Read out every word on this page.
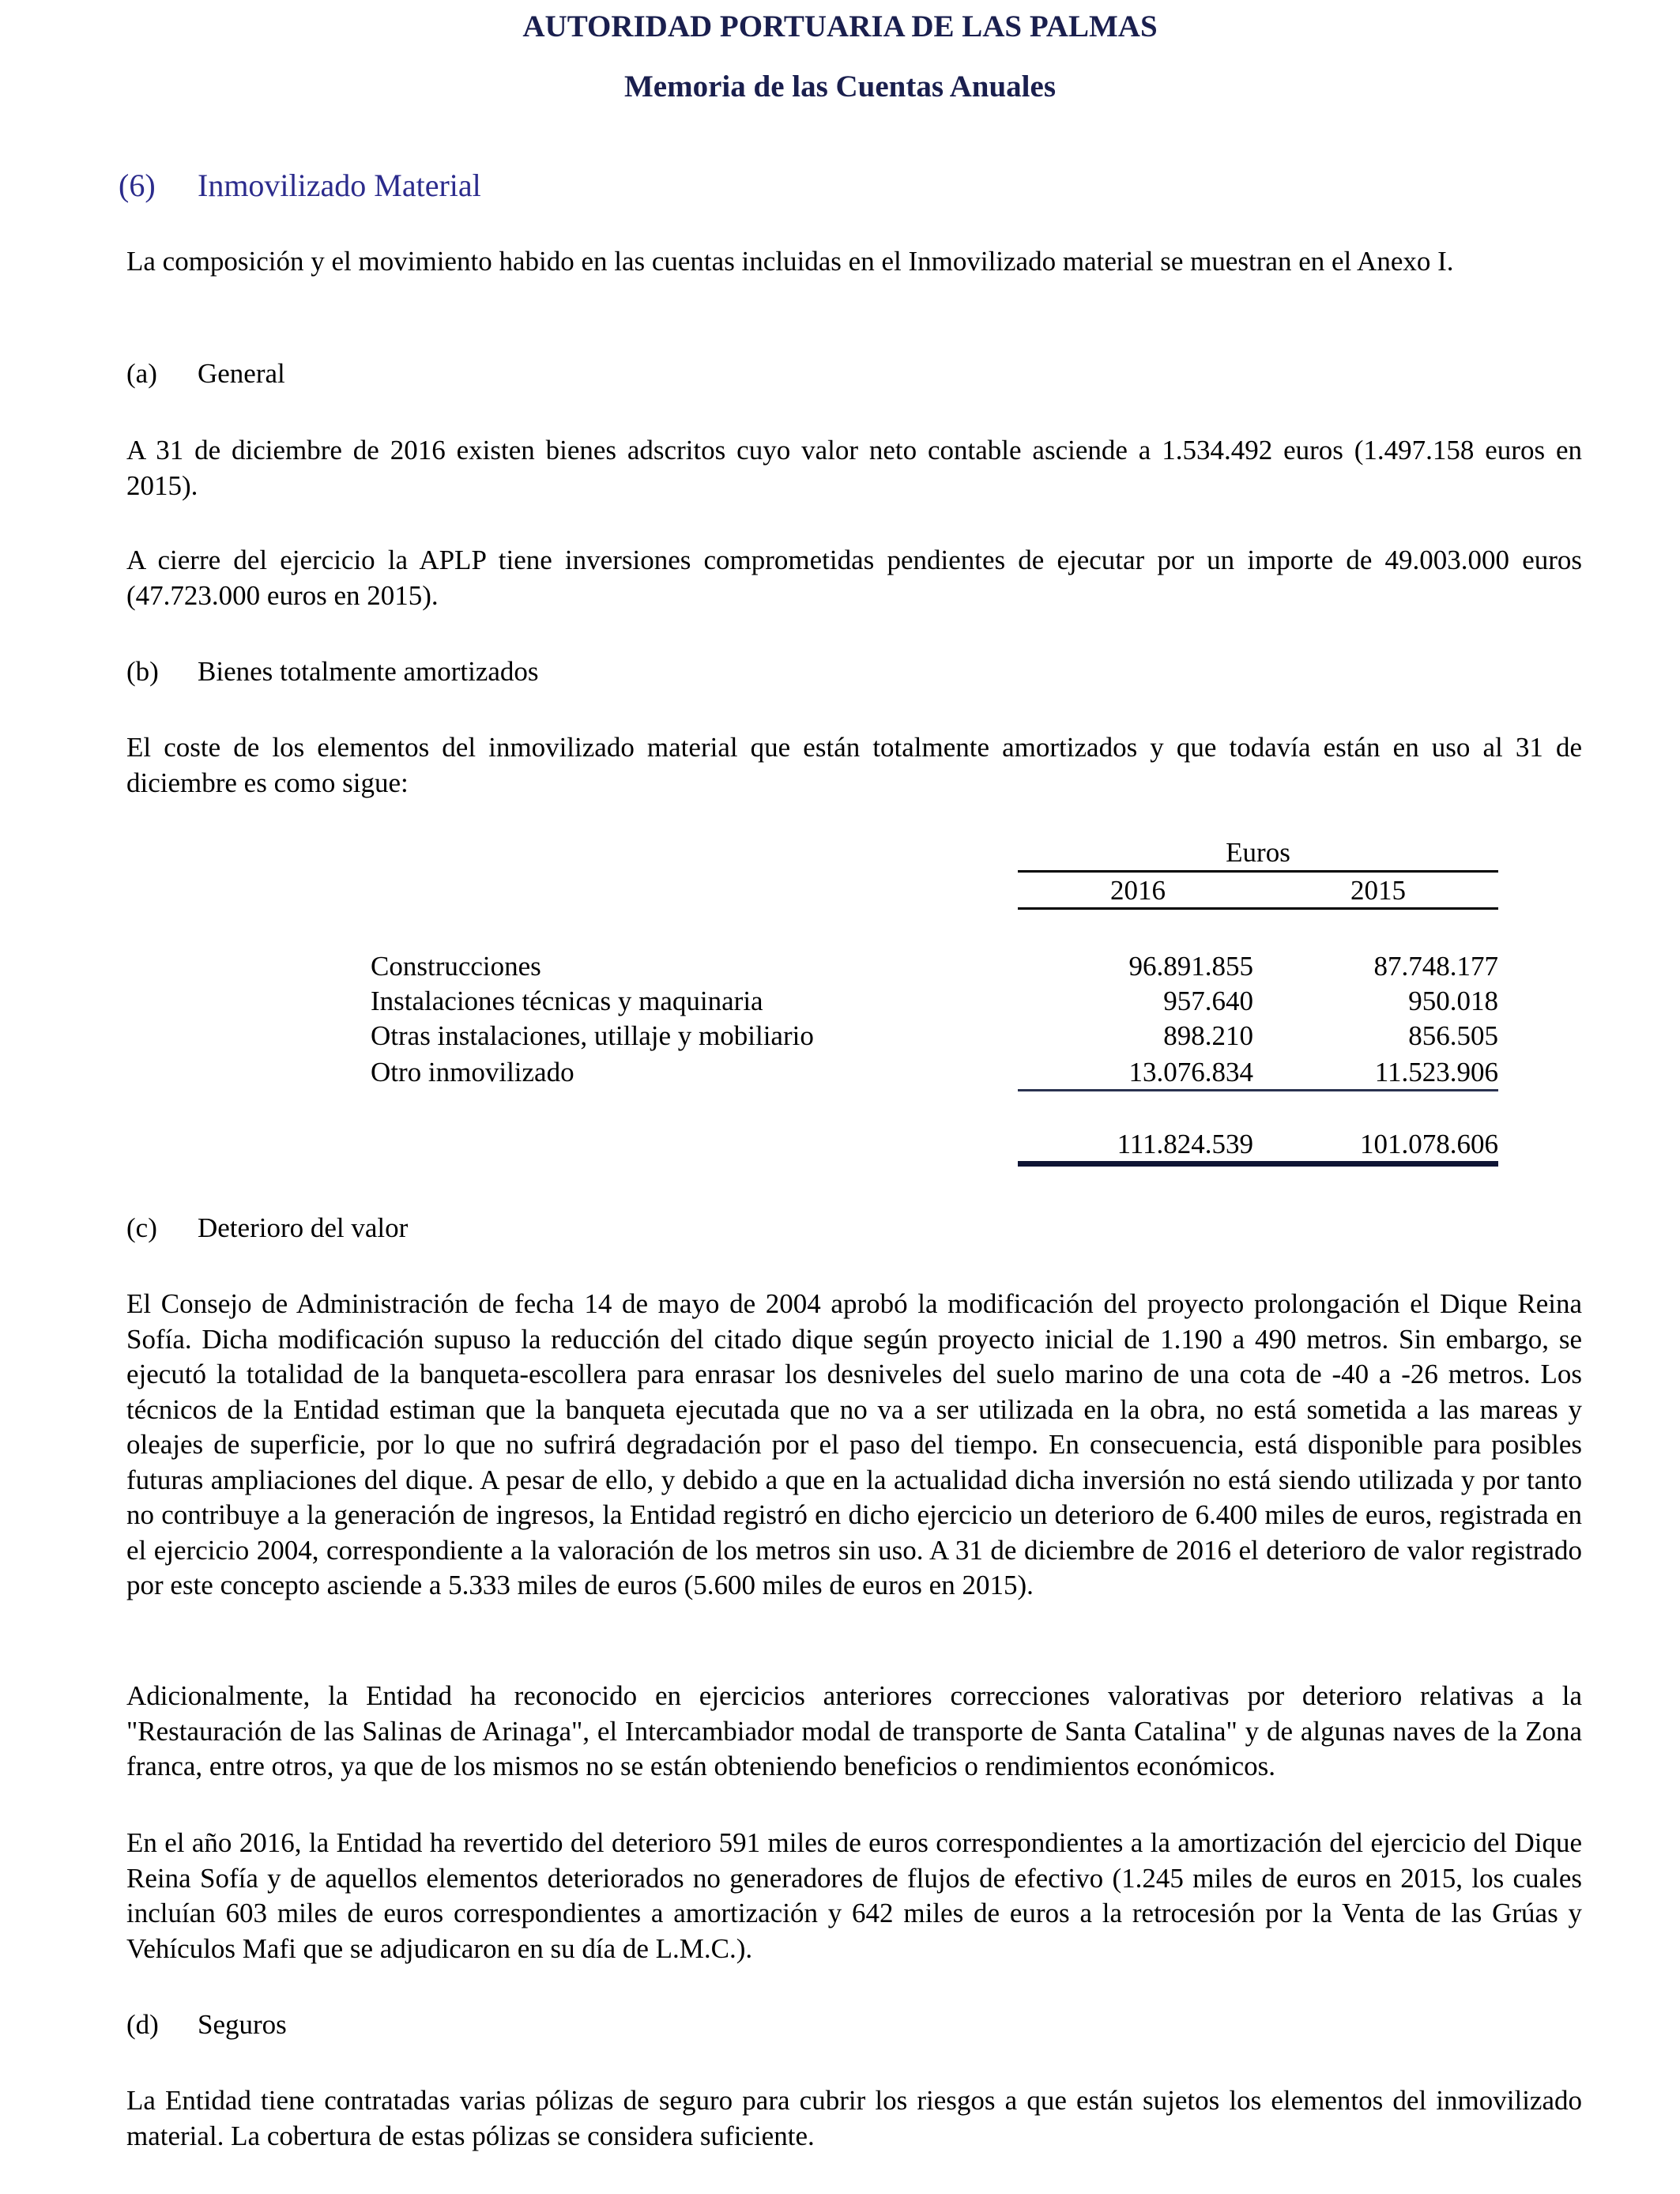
AUTORIDAD PORTUARIA DE LAS PALMAS
Memoria de las Cuentas Anuales
(6) Inmovilizado Material
La composición y el movimiento habido en las cuentas incluidas en el Inmovilizado material se muestran en el Anexo I.
(a) General
A 31 de diciembre de 2016 existen bienes adscritos cuyo valor neto contable asciende a 1.534.492 euros (1.497.158 euros en 2015).
A cierre del ejercicio la APLP tiene inversiones comprometidas pendientes de ejecutar por un importe de 49.003.000 euros (47.723.000 euros en 2015).
(b) Bienes totalmente amortizados
El coste de los elementos del inmovilizado material que están totalmente amortizados y que todavía están en uso al 31 de diciembre es como sigue:
Euros
2016	2015
Construcciones	96.891.855	87.748.177
Instalaciones técnicas y maquinaria	957.640	950.018
Otras instalaciones, utillaje y mobiliario	898.210	856.505
Otro inmovilizado	13.076.834	11.523.906
111.824.539	101.078.606
(c) Deterioro del valor
El Consejo de Administración de fecha 14 de mayo de 2004 aprobó la modificación del proyecto prolongación el Dique Reina Sofía. Dicha modificación supuso la reducción del citado dique según proyecto inicial de 1.190 a 490 metros. Sin embargo, se ejecutó la totalidad de la banqueta-escollera para enrasar los desniveles del suelo marino de una cota de -40 a -26 metros. Los técnicos de la Entidad estiman que la banqueta ejecutada que no va a ser utilizada en la obra, no está sometida a las mareas y oleajes de superficie, por lo que no sufrirá degradación por el paso del tiempo. En consecuencia, está disponible para posibles futuras ampliaciones del dique. A pesar de ello, y debido a que en la actualidad dicha inversión no está siendo utilizada y por tanto no contribuye a la generación de ingresos, la Entidad registró en dicho ejercicio un deterioro de 6.400 miles de euros, registrada en el ejercicio 2004, correspondiente a la valoración de los metros sin uso. A 31 de diciembre de 2016 el deterioro de valor registrado por este concepto asciende a 5.333 miles de euros (5.600 miles de euros en 2015).
Adicionalmente, la Entidad ha reconocido en ejercicios anteriores correcciones valorativas por deterioro relativas a la "Restauración de las Salinas de Arinaga", el Intercambiador modal de transporte de Santa Catalina" y de algunas naves de la Zona franca, entre otros, ya que de los mismos no se están obteniendo beneficios o rendimientos económicos.
En el año 2016, la Entidad ha revertido del deterioro 591 miles de euros correspondientes a la amortización del ejercicio del Dique Reina Sofía y de aquellos elementos deteriorados no generadores de flujos de efectivo (1.245 miles de euros en 2015, los cuales incluían 603 miles de euros correspondientes a amortización y 642 miles de euros a la retrocesión por la Venta de las Grúas y Vehículos Mafi que se adjudicaron en su día de L.M.C.).
(d) Seguros
La Entidad tiene contratadas varias pólizas de seguro para cubrir los riesgos a que están sujetos los elementos del inmovilizado material. La cobertura de estas pólizas se considera suficiente.
